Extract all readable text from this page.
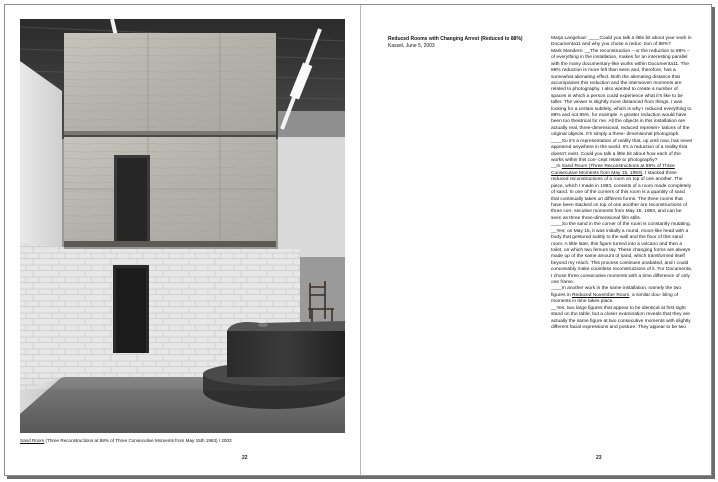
Sand Room (Three Reconstructions at 88% of Three Consecutive Moments from May 15th 1993) / 2003
22
Reduced Rooms with Changing Arrest (Reduced to 88%)
Kassel, June 5, 2003

Marja Langeluur: ____Could you talk a little bit about your work in Documenta11 and why you chose a reduc- tion of 88%?

Mark Manders: __The reconstruction – or the reduction to 88% – of everything in the installation, makes for an interesting parallel with the many documentary-like works within Documenta11. The 88% reduction is more felt than seen and, therefore, has a somewhat alienating effect. Both the alienating distance that accompanies this reduction and the interwoven moments are related to photography. I also wanted to create a number of spaces in which a person could experience what it’s like to be taller. The viewer is slightly more distanced from things. I was looking for a certain subtlety, which is why I reduced everything to 88% and not 85%, for example. A greater reduction would have been too theatrical for me. All the objects in this installation are actually real, three-dimensional, reduced represen- tations of the original objects. It’s simply a three- dimensional photograph.

____So it’s a representation of reality that, up until now, has never appeared anywhere in the world. It’s a reduction of a reality that doesn’t exist. Could you talk a little bit about how each of the works within this con- cept relate to photography?

__In Sand Room (Three Reconstructions at 88% of Three Consecutive Moments from May 15, 1993), I stacked three reduced reconstructions of a room on top of one another. The piece, which I made in 1993, consists of a room made completely of sand. In one of the corners of this room is a quantity of sand that continually takes on different forms. The three rooms that have been stacked on top of one another are reconstructions of three con- secutive moments from May 15, 1993, and can be seen as three three-dimensional film stills.

____So the sand in the corner of the room is constantly mutating.

__Yes; on May 15, it was initially a round, moon-like head with a body that gestured subtly to the wall and the floor of this sand room. A little later, this figure turned into a volcano and then a toilet, on which two femurs lay. These changing forms are always made up of the same amount of sand, which transformed itself beyond my reach. This process continues unabated, and I could conceivably make countless reconstructions of it. For Documenta, I chose three consecutive moments with a time difference of only one frame.

____In another work in the same installation, namely the two figures in Reduced November Room, a similar dou- bling of moments in time takes place.

__Yes, two large figures that appear to be identical at first sight stand on the table, but a closer examination reveals that they are actually the same figure at two consecutive moments with slightly different facial expressions and posture. They appear to be two

23
